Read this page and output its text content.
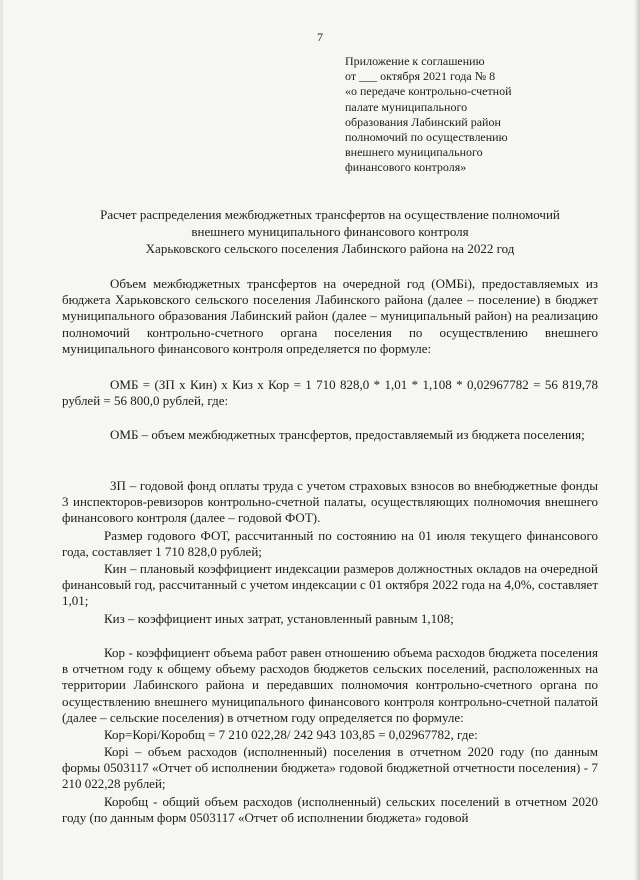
7
Приложение к соглашению
от ___ октября 2021 года № 8
«о передаче контрольно-счетной
палате муниципального
образования Лабинский район
полномочий по осуществлению
внешнего муниципального
финансового контроля»
Расчет распределения межбюджетных трансфертов на осуществление полномочий
внешнего муниципального финансового контроля
Харьковского сельского поселения Лабинского района на 2022 год

Объем межбюджетных трансфертов на очередной год (ОМБі), предоставляемых из бюджета Харьковского сельского поселения Лабинского района (далее – поселение) в бюджет муниципального образования Лабинский район (далее – муниципальный район) на реализацию полномочий контрольно-счетного органа поселения по осуществлению внешнего муниципального финансового контроля определяется по формуле:

ОМБ = (ЗП х Кин) х Киз х Кор = 1 710 828,0 * 1,01 * 1,108 * 0,02967782 = 56 819,78 рублей = 56 800,0 рублей, где:

ОМБ – объем межбюджетных трансфертов, предоставляемый из бюджета поселения;

ЗП – годовой фонд оплаты труда с учетом страховых взносов во внебюджетные фонды 3 инспекторов-ревизоров контрольно-счетной палаты, осуществляющих полномочия внешнего финансового контроля (далее – годовой ФОТ).

Размер годового ФОТ, рассчитанный по состоянию на 01 июля текущего финансового года, составляет 1 710 828,0 рублей;

Кин – плановый коэффициент индексации размеров должностных окладов на очередной финансовый год, рассчитанный с учетом индексации с 01 октября 2022 года на 4,0%, составляет 1,01;

Киз – коэффициент иных затрат, установленный равным 1,108;

Кор - коэффициент объема работ равен отношению объема расходов бюджета поселения в отчетном году к общему объему расходов бюджетов сельских поселений, расположенных на территории Лабинского района и передавших полномочия контрольно-счетного органа по осуществлению внешнего муниципального финансового контроля контрольно-счетной палатой (далее – сельские поселения) в отчетном году определяется по формуле:

Кор=Корі/Коробщ = 7 210 022,28/ 242 943 103,85 = 0,02967782, где:

Корі – объем расходов (исполненный) поселения в отчетном 2020 году (по данным формы 0503117 «Отчет об исполнении бюджета» годовой бюджетной отчетности поселения) - 7 210 022,28 рублей;

Коробщ - общий объем расходов (исполненный) сельских поселений в отчетном 2020 году (по данным форм 0503117 «Отчет об исполнении бюджета» годовой
